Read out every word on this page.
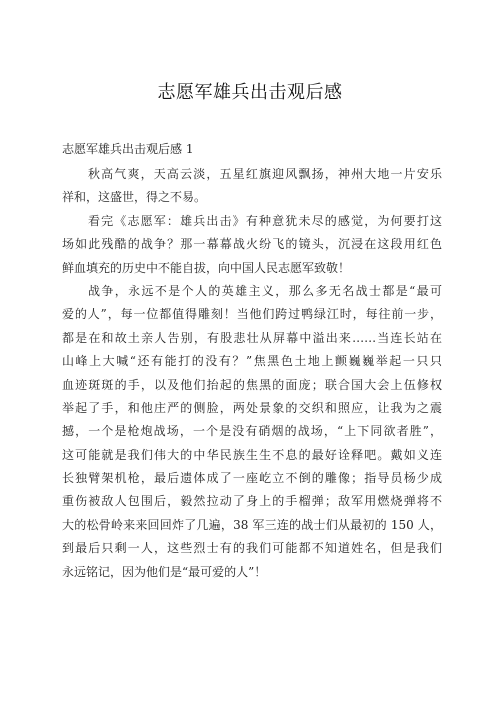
志愿军雄兵出击观后感
志愿军雄兵出击观后感 1
秋高气爽，天高云淡，五星红旗迎风飘扬，神州大地一片安乐
祥和，这盛世，得之不易。
看完《志愿军：雄兵出击》有种意犹未尽的感觉，为何要打这
场如此残酷的战争？那一幕幕战火纷飞的镜头，沉浸在这段用红色
鲜血填充的历史中不能自拔，向中国人民志愿军致敬！
战争，永远不是个人的英雄主义，那么多无名战士都是“最可
爱的人”，每一位都值得雕刻！当他们跨过鸭绿江时，每往前一步，
都是在和故土亲人告别，有股悲壮从屏幕中溢出来……当连长站在
山峰上大喊“还有能打的没有？”焦黑色土地上颤巍巍举起一只只
血迹斑斑的手，以及他们抬起的焦黑的面庞；联合国大会上伍修权
举起了手，和他庄严的侧脸，两处景象的交织和照应，让我为之震
撼，一个是枪炮战场，一个是没有硝烟的战场，“上下同欲者胜”，
这可能就是我们伟大的中华民族生生不息的最好诠释吧。戴如义连
长独臂架机枪，最后遗体成了一座屹立不倒的雕像；指导员杨少成
重伤被敌人包围后，毅然拉动了身上的手榴弹；敌军用燃烧弹将不
大的松骨岭来来回回炸了几遍，38 军三连的战士们从最初的 150 人，
到最后只剩一人，这些烈士有的我们可能都不知道姓名，但是我们
永远铭记，因为他们是“最可爱的人”！
